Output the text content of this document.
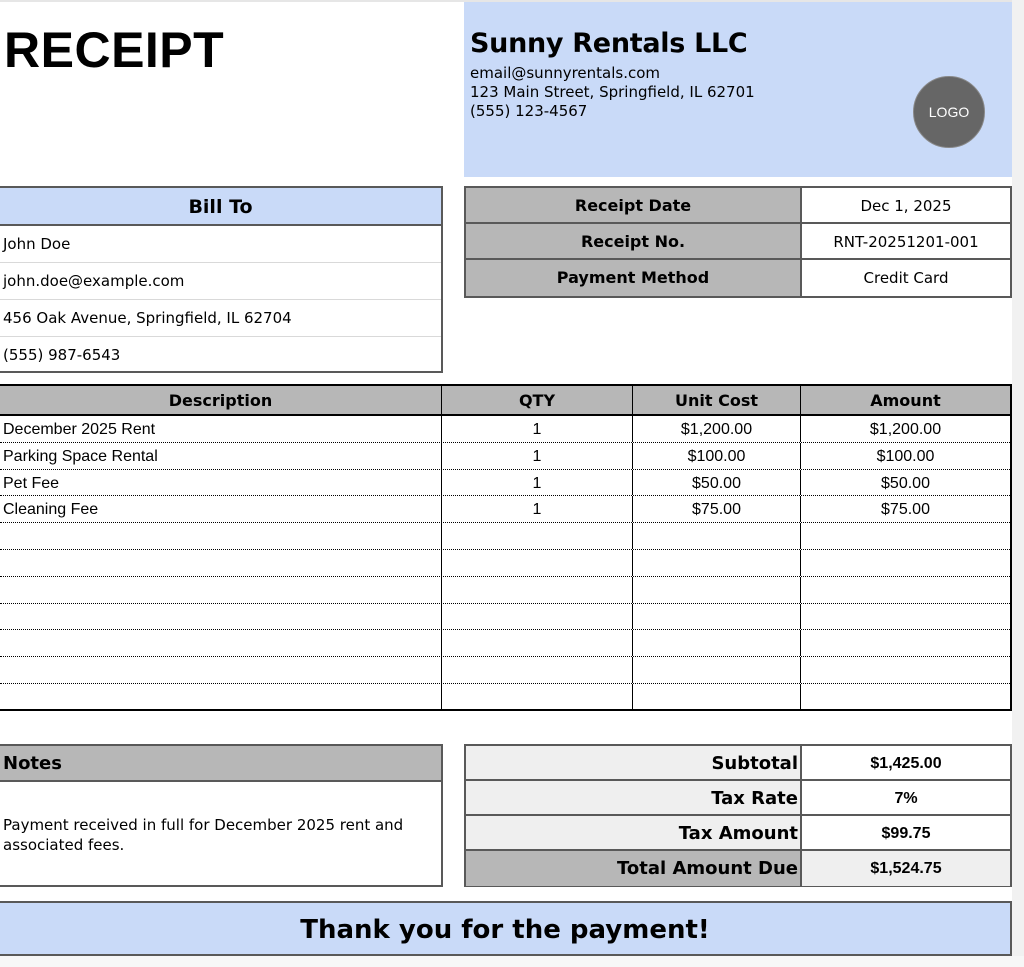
RECEIPT	Sunny Rentals LLC
email@sunnyrentals.com
123 Main Street, Springfield, IL 62701
(555) 123-4567	LOGO
Bill To
John Doe
john.doe@example.com
456 Oak Avenue, Springfield, IL 62704
(555) 987-6543
Receipt Date	Dec 1, 2025
Receipt No.	RNT-20251201-001
Payment Method	Credit Card
Description	QTY	Unit Cost	Amount
December 2025 Rent	1	$1,200.00	$1,200.00
Parking Space Rental	1	$100.00	$100.00
Pet Fee	1	$50.00	$50.00
Cleaning Fee	1	$75.00	$75.00
Notes
Payment received in full for December 2025 rent and associated fees.
Subtotal	$1,425.00
Tax Rate	7%
Tax Amount	$99.75
Total Amount Due	$1,524.75
Thank you for the payment!
